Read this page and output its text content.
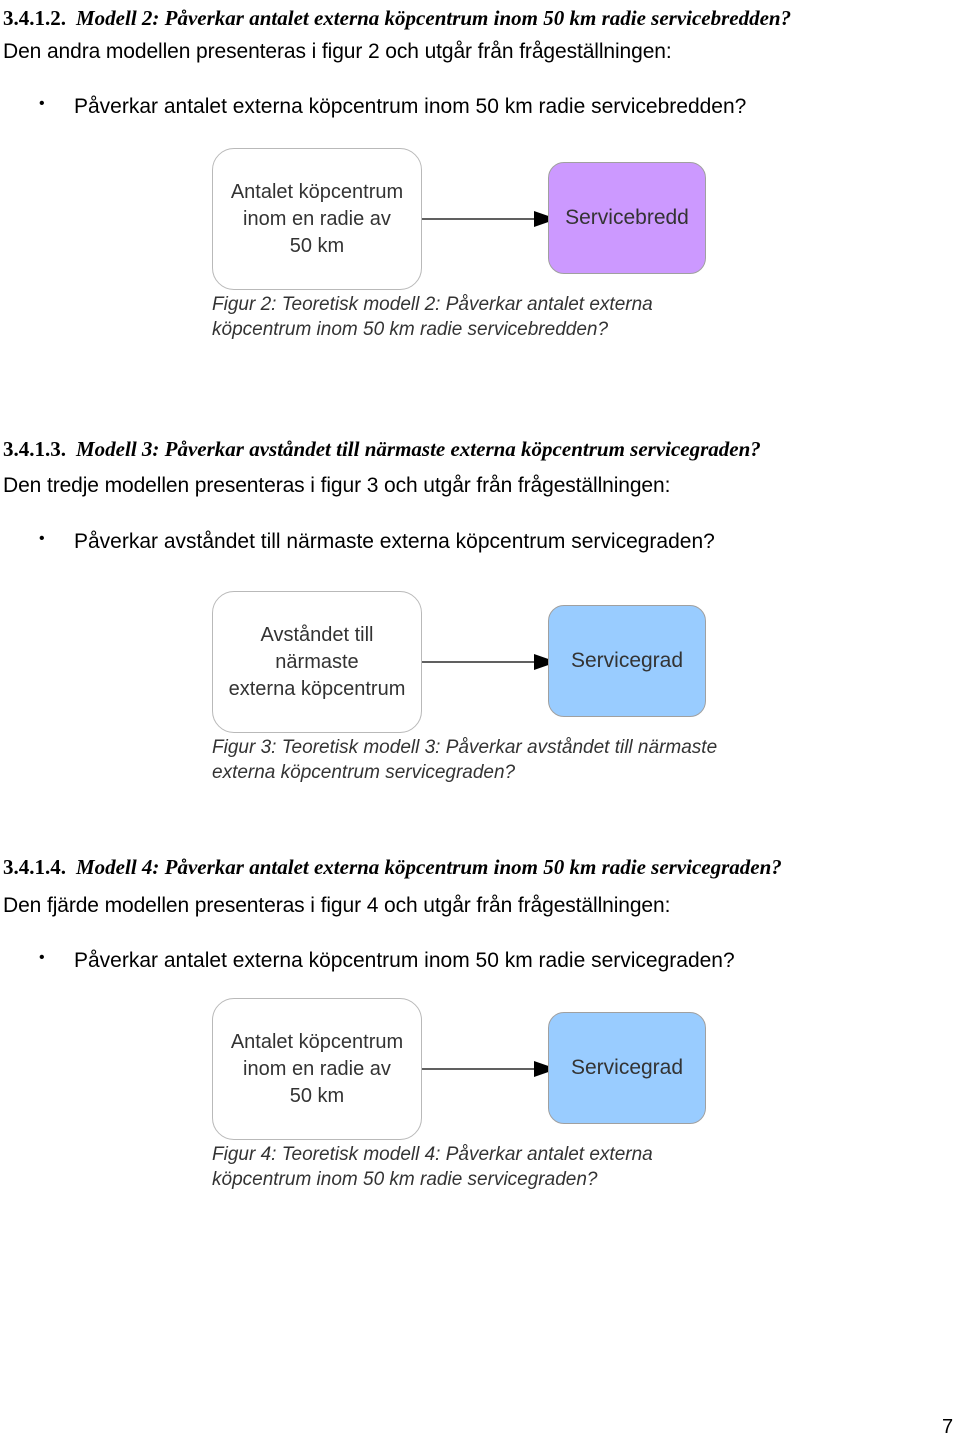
3.4.1.2. Modell 2: Påverkar antalet externa köpcentrum inom 50 km radie servicebredden?
Den andra modellen presenteras i figur 2 och utgår från frågeställningen:
• Påverkar antalet externa köpcentrum inom 50 km radie servicebredden?
Antalet köpcentrum
inom en radie av
50 km
Servicebredd
Figur 2: Teoretisk modell 2: Påverkar antalet externa köpcentrum inom 50 km radie servicebredden?
3.4.1.3. Modell 3: Påverkar avståndet till närmaste externa köpcentrum servicegraden?
Den tredje modellen presenteras i figur 3 och utgår från frågeställningen:
• Påverkar avståndet till närmaste externa köpcentrum servicegraden?
Avståndet till
närmaste
externa köpcentrum
Servicegrad
Figur 3: Teoretisk modell 3: Påverkar avståndet till närmaste externa köpcentrum servicegraden?
3.4.1.4. Modell 4: Påverkar antalet externa köpcentrum inom 50 km radie servicegraden?
Den fjärde modellen presenteras i figur 4 och utgår från frågeställningen:
• Påverkar antalet externa köpcentrum inom 50 km radie servicegraden?
Antalet köpcentrum
inom en radie av
50 km
Servicegrad
Figur 4: Teoretisk modell 4: Påverkar antalet externa köpcentrum inom 50 km radie servicegraden?
7
